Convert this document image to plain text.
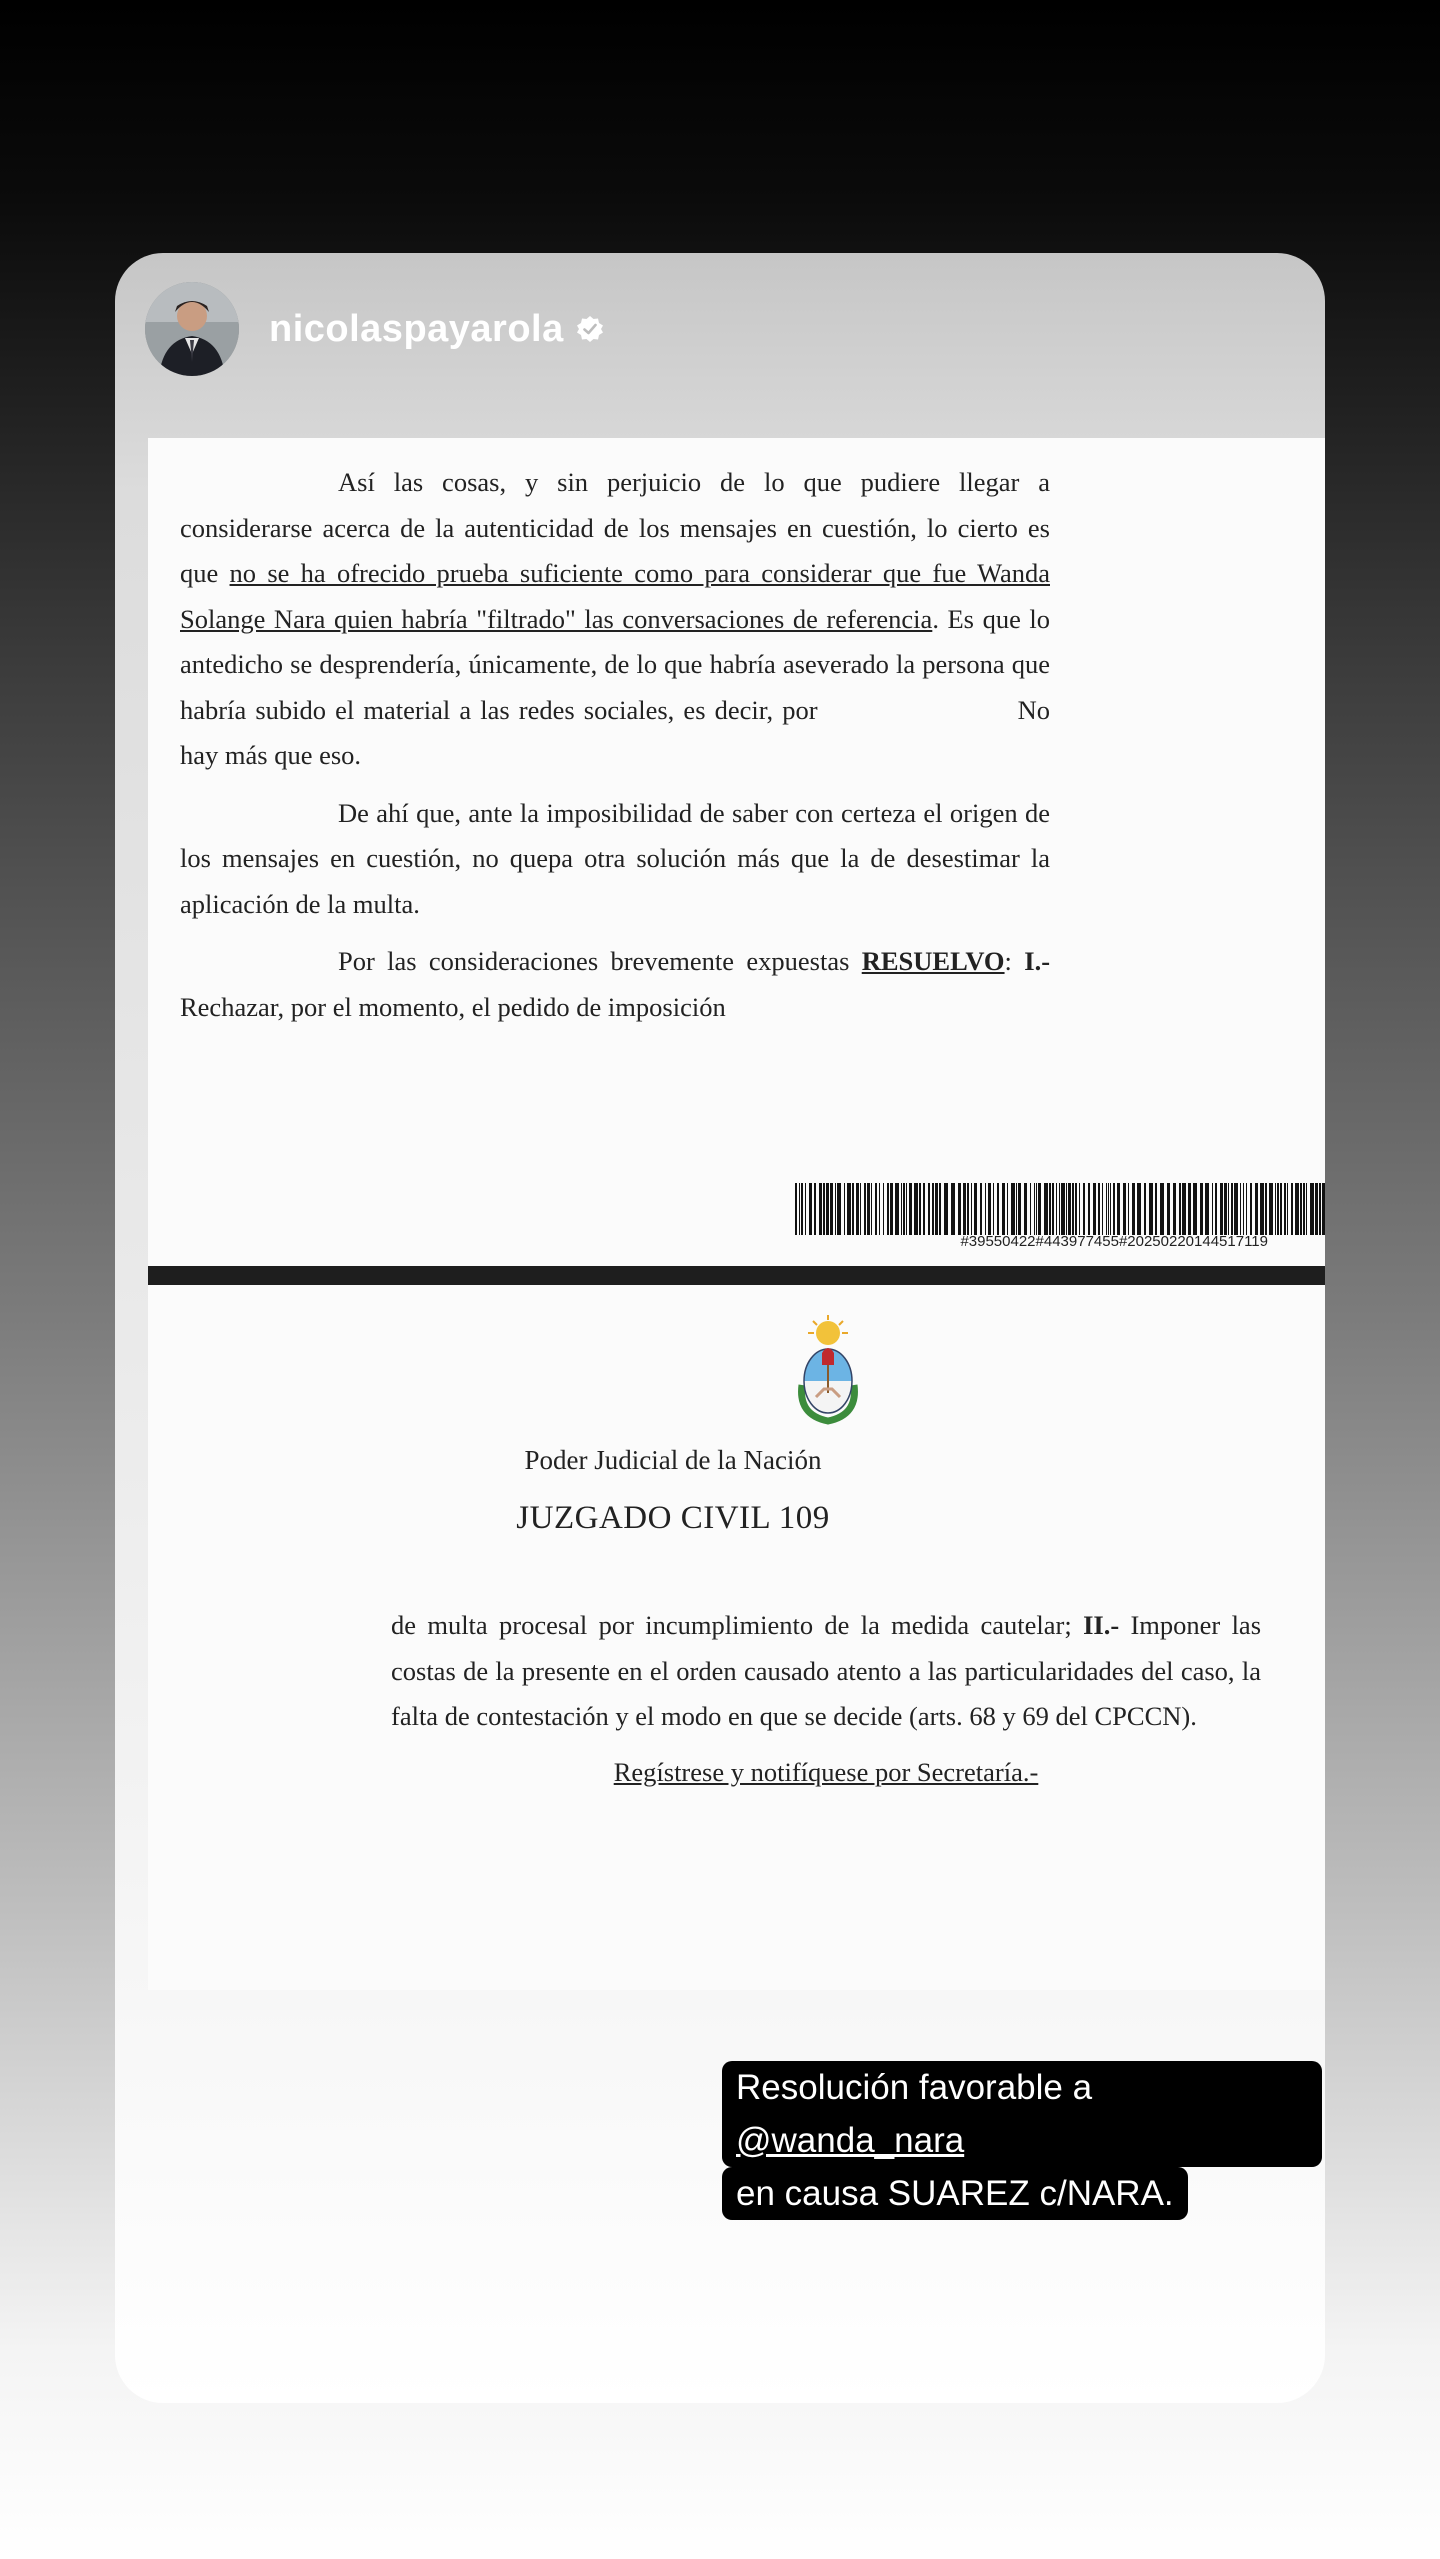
nicolaspayarola

Así las cosas, y sin perjuicio de lo que pudiere llegar a considerarse acerca de la autenticidad de los mensajes en cuestión, lo cierto es que no se ha ofrecido prueba suficiente como para considerar que fue Wanda Solange Nara quien habría "filtrado" las conversaciones de referencia. Es que lo antedicho se desprendería, únicamente, de lo que habría aseverado la persona que habría subido el material a las redes sociales, es decir, por	No hay más que eso.

De ahí que, ante la imposibilidad de saber con certeza el origen de los mensajes en cuestión, no quepa otra solución más que la de desestimar la aplicación de la multa.

Por las consideraciones brevemente expuestas RESUELVO: I.- Rechazar, por el momento, el pedido de imposición

#39550422#443977455#20250220144517119
Poder Judicial de la Nación
JUZGADO CIVIL 109

de multa procesal por incumplimiento de la medida cautelar; II.- Imponer las costas de la presente en el orden causado atento a las particularidades del caso, la falta de contestación y el modo en que se decide (arts. 68 y 69 del CPCCN).

Regístrese y notifíquese por Secretaría.-

Resolución favorable a @wanda_nara
en causa SUAREZ c/NARA.
